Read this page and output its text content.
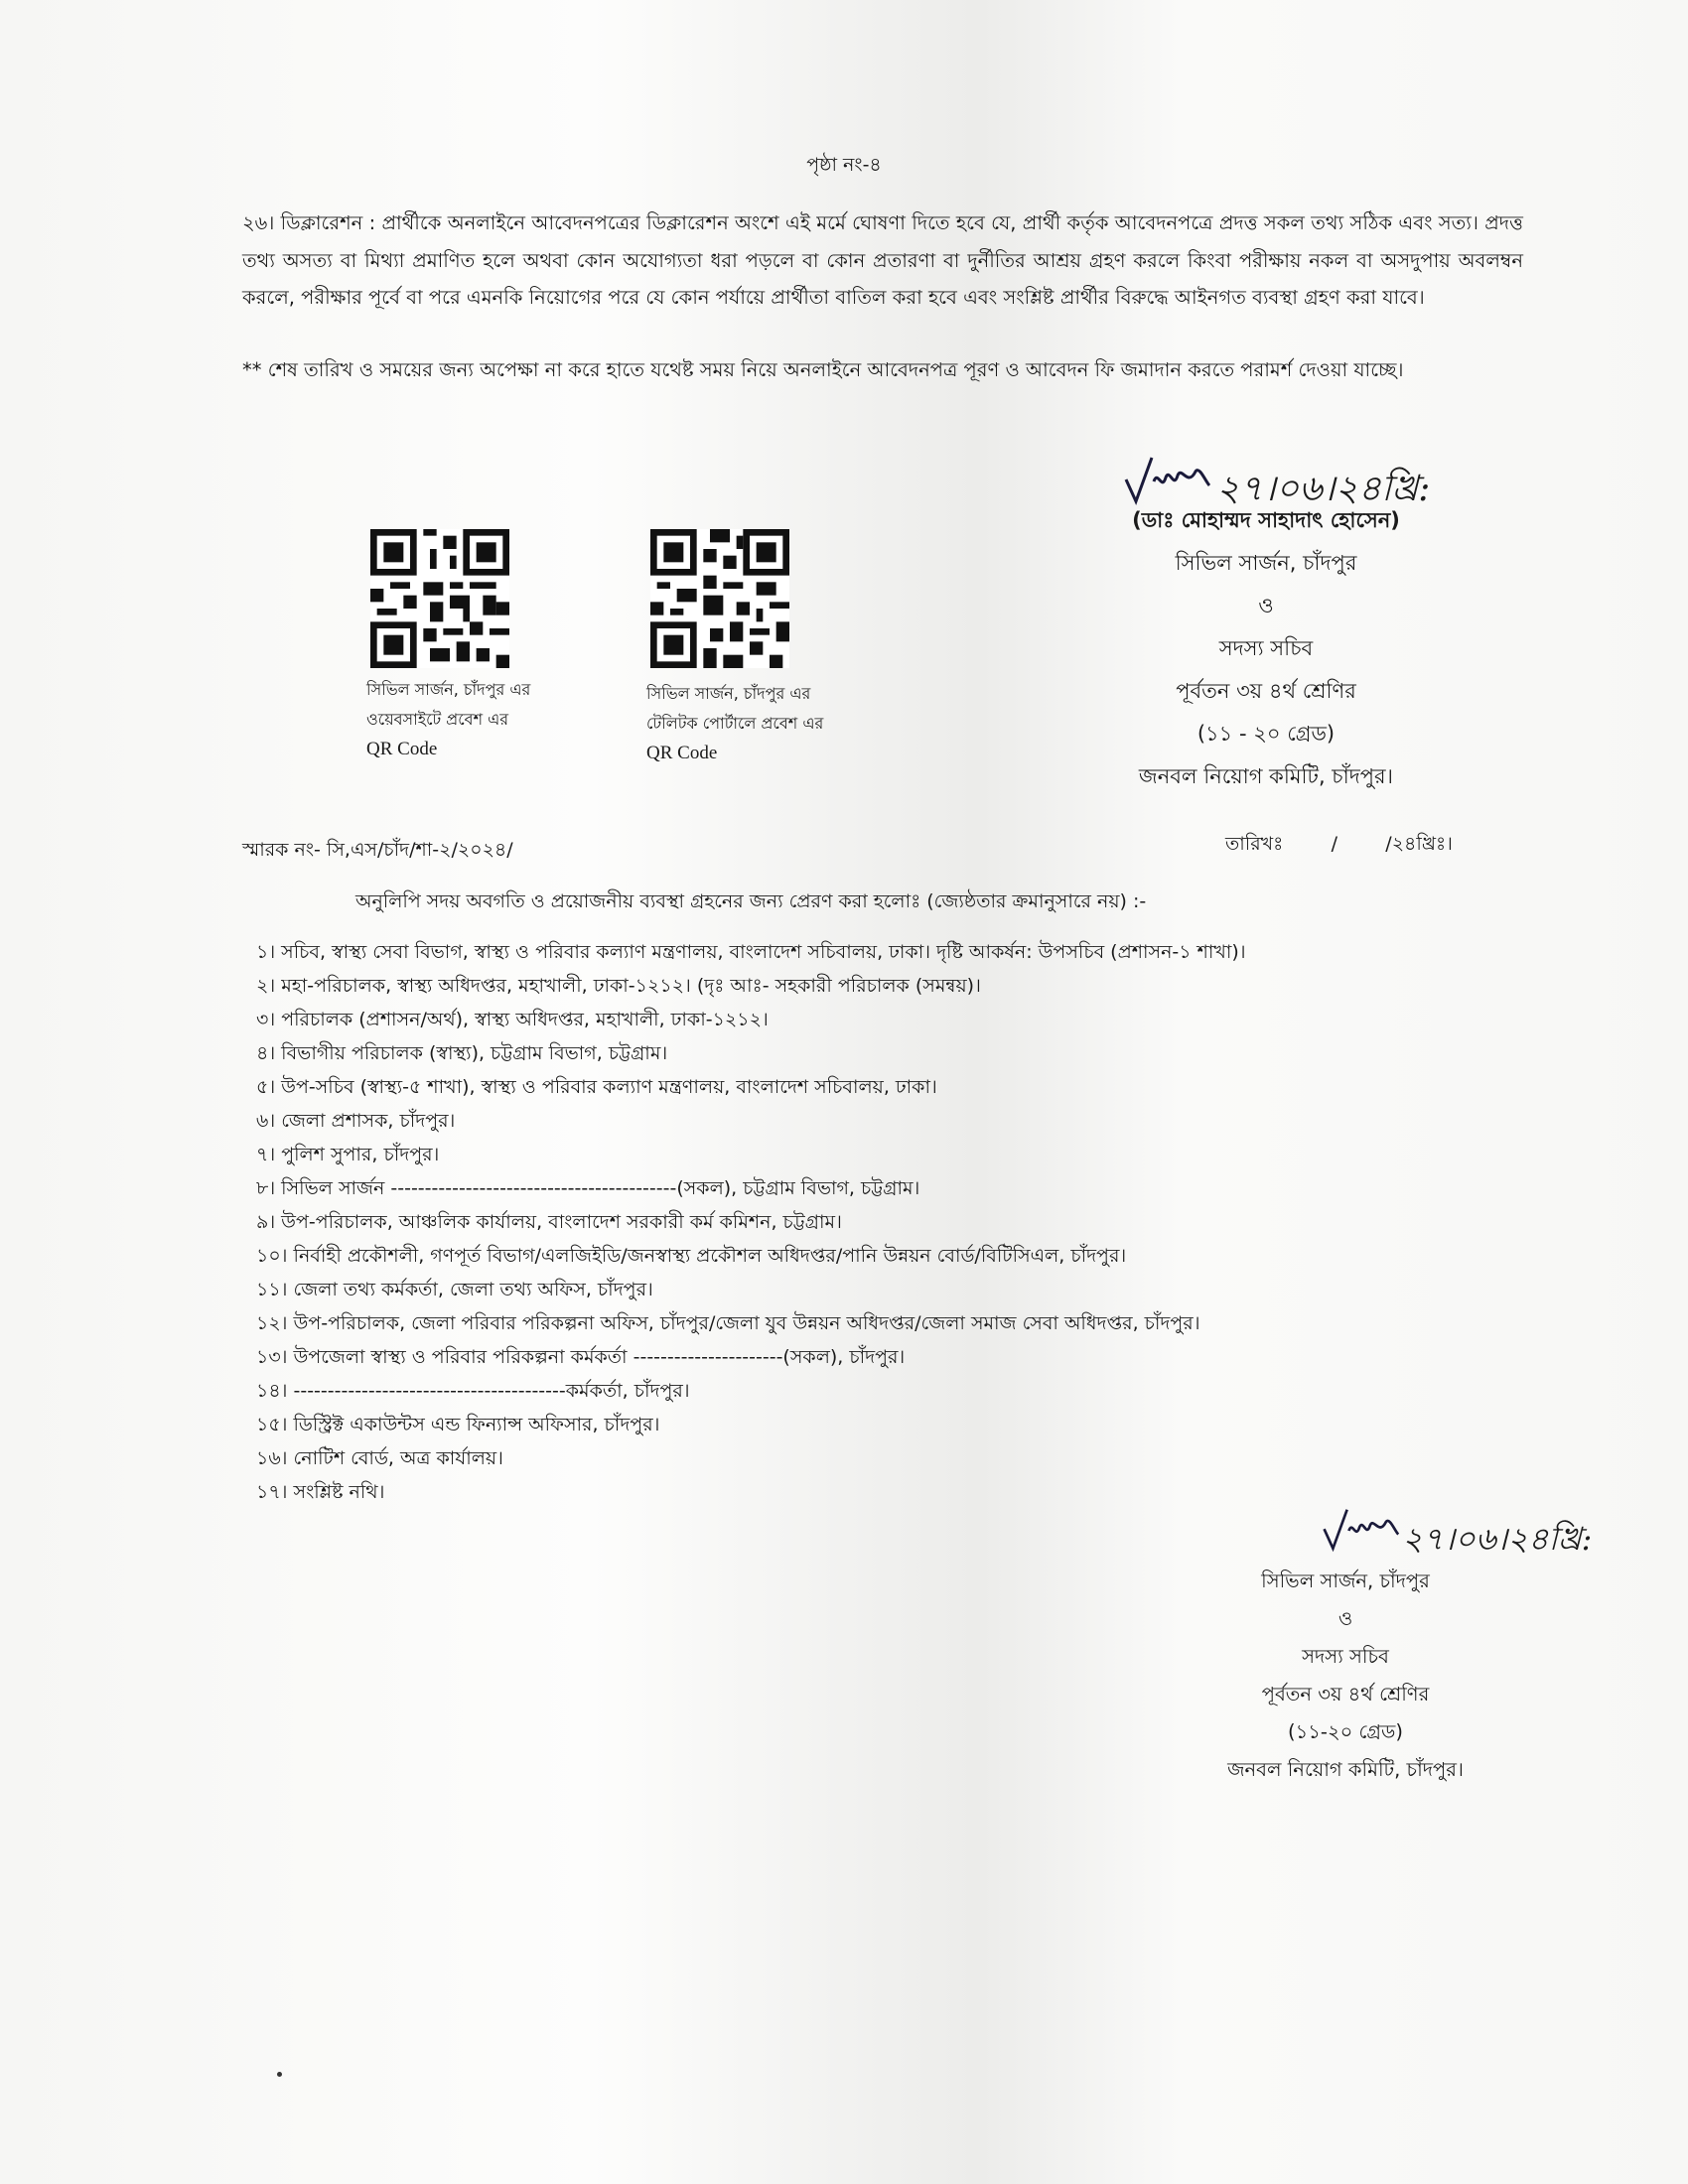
পৃষ্ঠা নং-৪
২৬। ডিক্লারেশন : প্রার্থীকে অনলাইনে আবেদনপত্রের ডিক্লারেশন অংশে এই মর্মে ঘোষণা দিতে হবে যে, প্রার্থী কর্তৃক আবেদনপত্রে প্রদত্ত সকল তথ্য সঠিক এবং সত্য। প্রদত্ত তথ্য অসত্য বা মিথ্যা প্রমাণিত হলে অথবা কোন অযোগ্যতা ধরা পড়লে বা কোন প্রতারণা বা দুর্নীতির আশ্রয় গ্রহণ করলে কিংবা পরীক্ষায় নকল বা অসদুপায় অবলম্বন করলে, পরীক্ষার পূর্বে বা পরে এমনকি নিয়োগের পরে যে কোন পর্যায়ে প্রার্থীতা বাতিল করা হবে এবং সংশ্লিষ্ট প্রার্থীর বিরুদ্ধে আইনগত ব্যবস্থা গ্রহণ করা যাবে।
** শেষ তারিখ ও সময়ের জন্য অপেক্ষা না করে হাতে যথেষ্ট সময় নিয়ে অনলাইনে আবেদনপত্র পূরণ ও আবেদন ফি জমাদান করতে পরামর্শ দেওয়া যাচ্ছে।
২৭।০৬।২৪খ্রি:
(ডাঃ মোহাম্মদ সাহাদাৎ হোসেন)
সিভিল সার্জন, চাঁদপুর
ও
সদস্য সচিব
পূর্বতন ৩য় ৪র্থ শ্রেণির
(১১ - ২০ গ্রেড)
জনবল নিয়োগ কমিটি, চাঁদপুর।
সিভিল সার্জন, চাঁদপুর এর
ওয়েবসাইটে প্রবেশ এর
QR Code
সিভিল সার্জন, চাঁদপুর এর
টেলিটক পোর্টালে প্রবেশ এর
QR Code
স্মারক নং- সি,এস/চাঁদ/শা-২/২০২৪/	তারিখঃ        /        /২৪খ্রিঃ।
অনুলিপি সদয় অবগতি ও প্রয়োজনীয় ব্যবস্থা গ্রহনের জন্য প্রেরণ করা হলোঃ (জ্যেষ্ঠতার ক্রমানুসারে নয়) :-
১। সচিব, স্বাস্থ্য সেবা বিভাগ, স্বাস্থ্য ও পরিবার কল্যাণ মন্ত্রণালয়, বাংলাদেশ সচিবালয়, ঢাকা। দৃষ্টি আকর্ষন: উপসচিব (প্রশাসন-১ শাখা)।
২। মহা-পরিচালক, স্বাস্থ্য অধিদপ্তর, মহাখালী, ঢাকা-১২১২। (দৃঃ আঃ- সহকারী পরিচালক (সমন্বয়)।
৩। পরিচালক (প্রশাসন/অর্থ), স্বাস্থ্য অধিদপ্তর, মহাখালী, ঢাকা-১২১২।
৪। বিভাগীয় পরিচালক (স্বাস্থ্য), চট্টগ্রাম বিভাগ, চট্টগ্রাম।
৫। উপ-সচিব (স্বাস্থ্য-৫ শাখা), স্বাস্থ্য ও পরিবার কল্যাণ মন্ত্রণালয়, বাংলাদেশ সচিবালয়, ঢাকা।
৬। জেলা প্রশাসক, চাঁদপুর।
৭। পুলিশ সুপার, চাঁদপুর।
৮। সিভিল সার্জন ------------------------------------------(সকল), চট্টগ্রাম বিভাগ, চট্টগ্রাম।
৯। উপ-পরিচালক, আঞ্চলিক কার্যালয়, বাংলাদেশ সরকারী কর্ম কমিশন, চট্টগ্রাম।
১০। নির্বাহী প্রকৌশলী, গণপূর্ত বিভাগ/এলজিইডি/জনস্বাস্থ্য প্রকৌশল অধিদপ্তর/পানি উন্নয়ন বোর্ড/বিটিসিএল, চাঁদপুর।
১১। জেলা তথ্য কর্মকর্তা, জেলা তথ্য অফিস, চাঁদপুর।
১২। উপ-পরিচালক, জেলা পরিবার পরিকল্পনা অফিস, চাঁদপুর/জেলা যুব উন্নয়ন অধিদপ্তর/জেলা সমাজ সেবা অধিদপ্তর, চাঁদপুর।
১৩। উপজেলা স্বাস্থ্য ও পরিবার পরিকল্পনা কর্মকর্তা ----------------------(সকল), চাঁদপুর।
১৪। ----------------------------------------কর্মকর্তা, চাঁদপুর।
১৫। ডিস্ট্রিক্ট একাউন্টস এন্ড ফিন্যান্স অফিসার, চাঁদপুর।
১৬। নোটিশ বোর্ড, অত্র কার্যালয়।
১৭। সংশ্লিষ্ট নথি।
২৭।০৬।২৪খ্রি:
সিভিল সার্জন, চাঁদপুর
ও
সদস্য সচিব
পূর্বতন ৩য় ৪র্থ শ্রেণির
(১১-২০ গ্রেড)
জনবল নিয়োগ কমিটি, চাঁদপুর।
